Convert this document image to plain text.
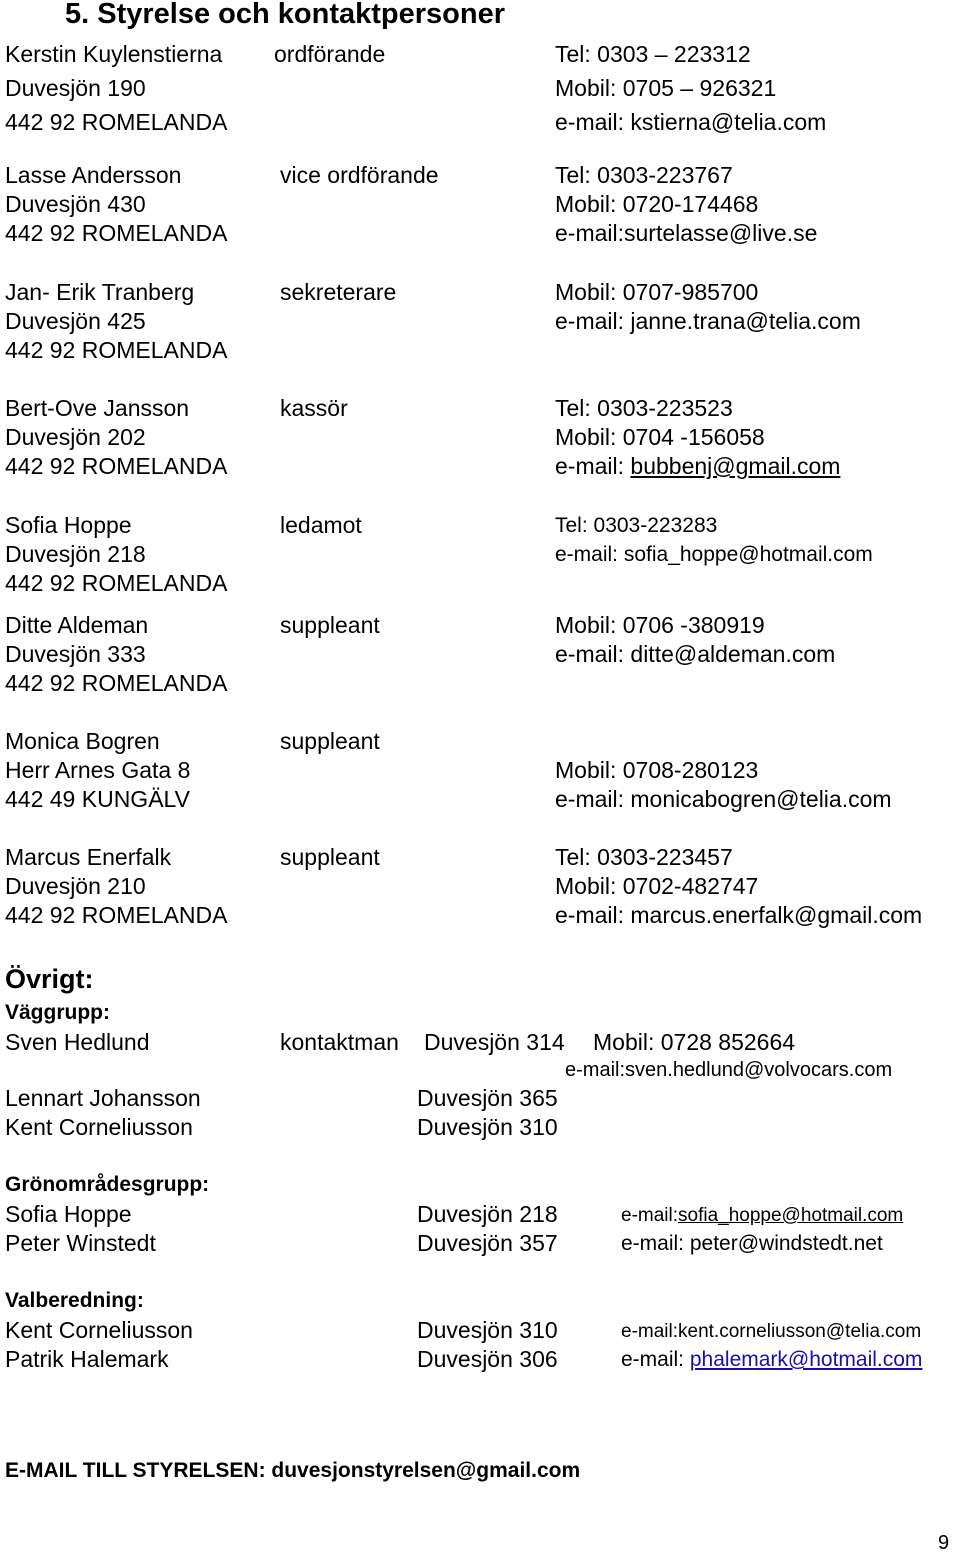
5. Styrelse och kontaktpersoner
Kerstin Kuylenstierna ordförande	Tel: 0303 – 223312
Duvesjön 190	Mobil: 0705 – 926321
442 92 ROMELANDA	e-mail: kstierna@telia.com
Lasse Andersson	vice ordförande	Tel: 0303-223767
Duvesjön 430	Mobil: 0720-174468
442 92 ROMELANDA	e-mail:surtelasse@live.se
Jan- Erik Tranberg	sekreterare	Mobil: 0707-985700
Duvesjön 425	e-mail: janne.trana@telia.com
442 92 ROMELANDA
Bert-Ove Jansson	kassör	Tel: 0303-223523
Duvesjön 202	Mobil: 0704 -156058
442 92 ROMELANDA	e-mail: bubbenj@gmail.com
Sofia Hoppe	ledamot	Tel: 0303-223283
Duvesjön 218	e-mail: sofia_hoppe@hotmail.com
442 92 ROMELANDA
Ditte Aldeman	suppleant	Mobil: 0706 -380919
Duvesjön 333	e-mail: ditte@aldeman.com
442 92 ROMELANDA
Monica Bogren	suppleant
Herr Arnes Gata 8	Mobil: 0708-280123
442 49 KUNGÄLV	e-mail: monicabogren@telia.com
Marcus Enerfalk	suppleant	Tel: 0303-223457
Duvesjön 210	Mobil: 0702-482747
442 92 ROMELANDA	e-mail: marcus.enerfalk@gmail.com
Övrigt:
Väggrupp:
Sven Hedlund	kontaktman Duvesjön 314 Mobil: 0728 852664
e-mail:sven.hedlund@volvocars.com
Lennart Johansson	Duvesjön 365
Kent Corneliusson	Duvesjön 310
Grönområdesgrupp:
Sofia Hoppe	Duvesjön 218	e-mail:sofia_hoppe@hotmail.com
Peter Winstedt	Duvesjön 357	e-mail: peter@windstedt.net
Valberedning:
Kent Corneliusson	Duvesjön 310	e-mail:kent.corneliusson@telia.com
Patrik Halemark	Duvesjön 306	e-mail: phalemark@hotmail.com
E-MAIL TILL STYRELSEN: duvesjonstyrelsen@gmail.com
9
